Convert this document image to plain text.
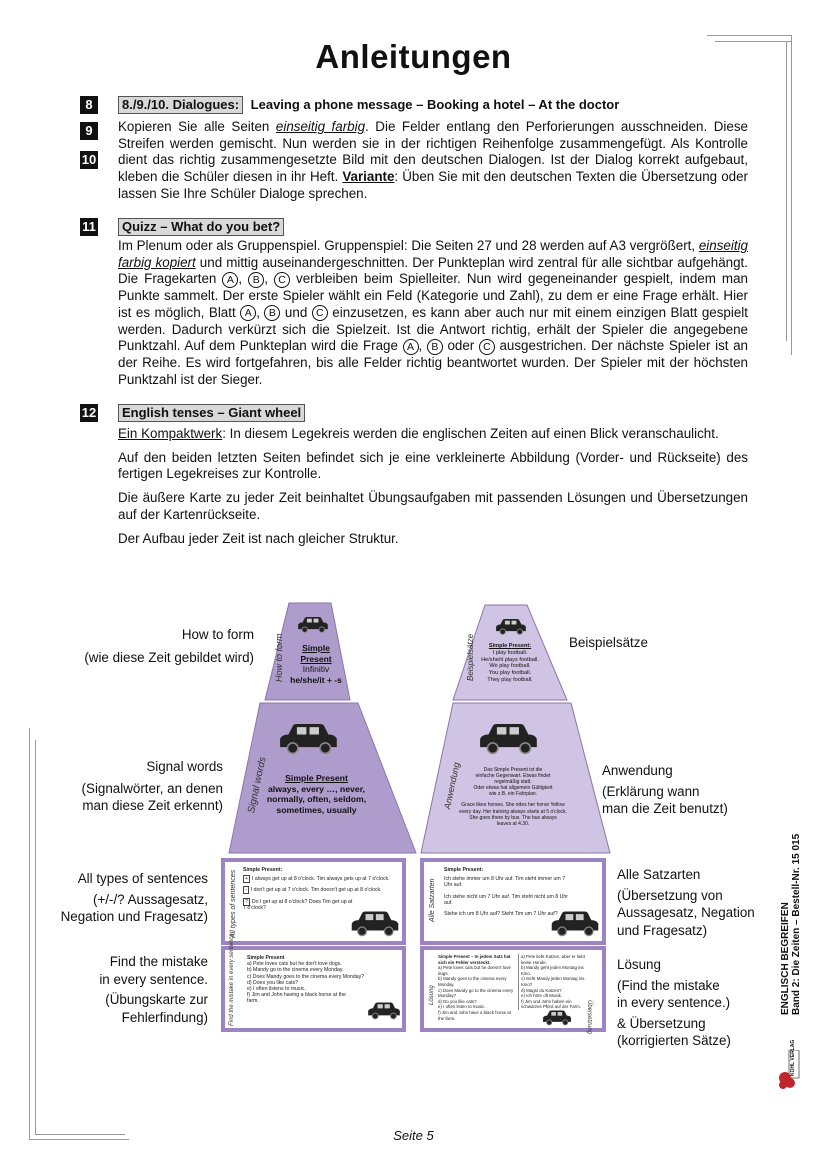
Anleitungen
8
9
10
8./9./10. Dialogues: Leaving a phone message – Booking a hotel – At the doctor
Kopieren Sie alle Seiten einseitig farbig. Die Felder entlang den Perforierungen ausschneiden. Diese Streifen werden gemischt. Nun werden sie in der richtigen Reihenfolge zusammengefügt. Als Kontrolle dient das richtig zusammengesetzte Bild mit den deutschen Dialogen. Ist der Dialog korrekt aufgebaut, kleben die Schüler diesen in ihr Heft. Variante: Üben Sie mit den deutschen Texten die Übersetzung oder lassen Sie Ihre Schüler Dialoge sprechen.
11	Quizz – What do you bet?
Im Plenum oder als Gruppenspiel. Gruppenspiel: Die Seiten 27 und 28 werden auf A3 vergrößert, einseitig farbig kopiert und mittig auseinandergeschnitten. Der Punkteplan wird zentral für alle sichtbar aufgehängt. Die Fragekarten A , B , C verbleiben beim Spielleiter. Nun wird gegeneinander gespielt, indem man Punkte sammelt. Der erste Spieler wählt ein Feld (Kategorie und Zahl), zu dem er eine Frage erhält. Hier ist es möglich, Blatt A , B und C einzusetzen, es kann aber auch nur mit einem einzigen Blatt gespielt werden. Dadurch verkürzt sich die Spielzeit. Ist die Antwort richtig, erhält der Spieler die angegebene Punktzahl. Auf dem Punkteplan wird die Frage A , B oder C ausgestrichen. Der nächste Spieler ist an der Reihe. Es wird fortgefahren, bis alle Felder richtig beantwortet wurden. Der Spieler mit der höchsten Punktzahl ist der Sieger.
12	English tenses – Giant wheel

Ein Kompaktwerk: In diesem Legekreis werden die englischen Zeiten auf einen Blick veranschaulicht.

Auf den beiden letzten Seiten befindet sich je eine verkleinerte Abbildung (Vorder- und Rückseite) des fertigen Legekreises zur Kontrolle.

Die äußere Karte zu jeder Zeit beinhaltet Übungsaufgaben mit passenden Lösungen und Übersetzungen auf der Kartenrückseite.

Der Aufbau jeder Zeit ist nach gleicher Struktur.

How to form

(wie diese Zeit gebildet wird)

Signal words

(Signalwörter, an denen

man diese Zeit erkennt)

All types of sentences

(+/-/? Aussagesatz,

Negation und Fragesatz)

Find the mistake

in every sentence.

(Übungskarte zur

Fehlerfindung)

Beispielsätze

Anwendung

(Erklärung wann

man die Zeit benutzt)

Alle Satzarten

(Übersetzung von

Aussagesatz, Negation

und Fragesatz)

Lösung

(Find the mistake

in every sentence.)

& Übersetzung

(korrigierten Sätze)

How to form	Simple
Present
Infinitiv
he/she/it + -s	Beispielsätze	Simple Present:
I play football.
He/she/it plays football.
We play football.
You play football.
They play football.
Signal words	Simple Present
always, every …, never,
normally, often, seldom,
sometimes, usually	Anwendung	Das Simple Present ist die
einfache Gegenwart. Etwas findet
regelmäßig statt.
Oder etwas hat allgemein Gültigkeit
wie z.B. ein Fahrplan.
Grace likes horses. She rides her horse Yellow
every day. Her training always starts at 5 o'clock.
She goes there by bus. The bus always
leaves at 4.30.
All types of sentences Simple Present:
+ I always get up at 8 o'clock. Tim always gets up at 7 o'clock.
- I don't get up at 7 o'clock. Tim doesn't get up at 8 o'clock.
? Do I get up at 8 o'clock? Does Tim get up at 7 o'clock?	Alle Satzarten
Simple Present:
Ich stehe immer um 8 Uhr auf. Tim steht immer um 7 Uhr auf.
Ich stehe nicht um 7 Uhr auf. Tim steht nicht um 8 Uhr auf.
Stehe ich um 8 Uhr auf? Steht Tim um 7 Uhr auf?
Find the mistake in every sentence. Simple Present
a) Pete loves cats but he don't love dogs.
b) Mandy go to the cinema every Monday.
c) Does Mandy goes to the cinema every Monday?
d) Does you like cats?
e) I often listens to music.
f) Jim and John having a black horse at the farm.	Lösung
Übersetzung
Simple Present – In jedem Satz hat sich ein Fehler versteckt.
a) Pete loves cats but he doesn't love dogs.
b) Mandy goes to the cinema every Monday.
c) Does Mandy go to the cinema every Monday?
d) Do you like cats?
e) I often listen to music.
f) Jim and John have a black horse at the farm.
a) Pete liebt Katzen, aber er liebt keine Hunde.
b) Mandy geht jeden Montag ins Kino.
c) Geht Mandy jeden Montag ins Kino?
d) Magst du Katzen?
e) Ich höre oft Musik.
f) Jim und John haben ein schwarzes Pferd auf der Farm.	ENGLISCH BEGREIFEN Band 2: Die Zeiten – Bestell-Nr. 15 015
KOHL VERLAG
Seite 5
